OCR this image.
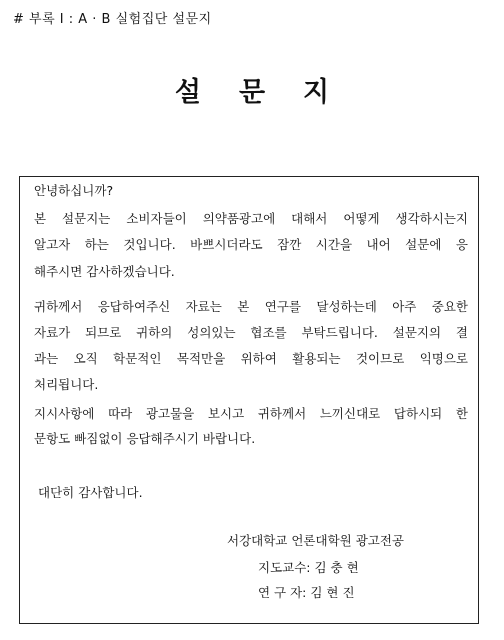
# 부록 I : A · B 실험집단 설문지
설문지
안녕하십니까?
본 설문지는 소비자들이 의약품광고에 대해서 어떻게 생각하시는지
알고자 하는 것입니다. 바쁘시더라도 잠깐 시간을 내어 설문에 응
해주시면 감사하겠습니다.
귀하께서 응답하여주신 자료는 본 연구를 달성하는데 아주 중요한
자료가 되므로 귀하의 성의있는 협조를 부탁드립니다. 설문지의 결
과는 오직 학문적인 목적만을 위하여 활용되는 것이므로 익명으로
처리됩니다.
지시사항에 따라 광고물을 보시고 귀하께서 느끼신대로 답하시되 한
문항도 빠짐없이 응답해주시기 바랍니다.
대단히 감사합니다.
서강대학교 언론대학원 광고전공
지도교수: 김 충 현
연 구 자: 김 현 진
